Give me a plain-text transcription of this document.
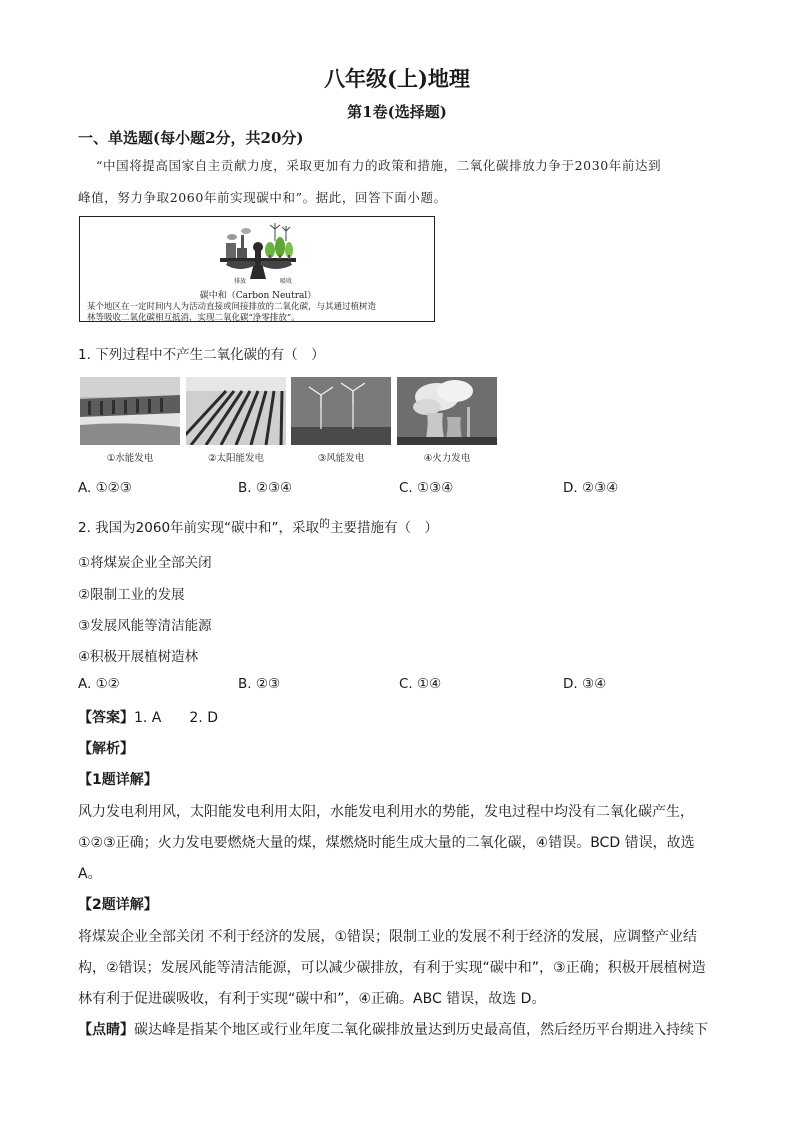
八年级(上)地理
第1卷(选择题)
一、单选题(每小题2分，共20分)
“中国将提高国家自主贡献力度，采取更加有力的政策和措施，二氧化碳排放力争于2030年前达到
峰值，努力争取2060年前实现碳中和”。据此，回答下面小题。
排放	吸收
碳中和（Carbon Neutral）
某个地区在一定时间内人为活动直接或间接排放的二氧化碳，与其通过植树造
林等吸收二氧化碳相互抵消，实现二氧化碳“净零排放”。
1. 下列过程中不产生二氧化碳的有（　）
①水能发电	②太阳能发电	③风能发电	④火力发电
A. ①②③	B. ②③④	C. ①③④	D. ②③④
2. 我国为2060年前实现“碳中和”，采取$^的$主要措施有（　）
①将煤炭企业全部关闭
②限制工业的发展
③发展风能等清洁能源
④积极开展植树造林
A. ①②	B. ②③	C. ①④	D. ③④
【答案】1. A　　2. D
【解析】
【1题详解】
风力发电利用风，太阳能发电利用太阳，水能发电利用水的势能，发电过程中均没有二氧化碳产生，
①②③正确；火力发电要燃烧大量的煤，煤燃烧时能生成大量的二氧化碳，④错误。BCD 错误，故选
A。
【2题详解】
将煤炭企业全部关闭 不利于经济的发展，①错误；限制工业的发展不利于经济的发展，应调整产业结
构，②错误；发展风能等清洁能源，可以减少碳排放，有利于实现“碳中和”，③正确；积极开展植树造
林有利于促进碳吸收，有利于实现“碳中和”，④正确。ABC 错误，故选 D。
【点睛】碳达峰是指某个地区或行业年度二氧化碳排放量达到历史最高值，然后经历平台期进入持续下
